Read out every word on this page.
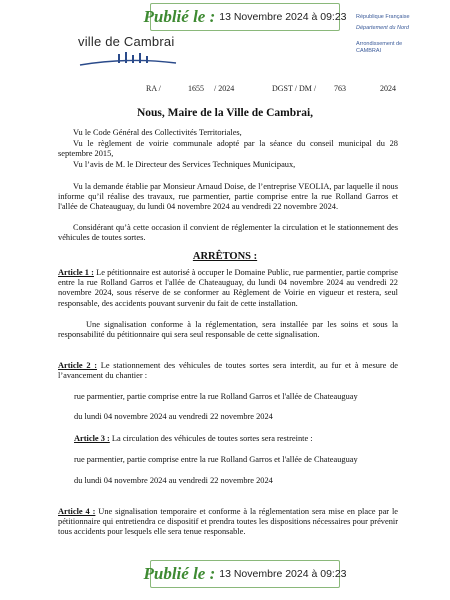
Publié le : 13 Novembre 2024 à 09:23
ville de Cambrai
République Française
Département du Nord
Arrondissement de
CAMBRAI
RA /	1655 / 2024	DGST / DM / 763	2024
Nous, Maire de la Ville de Cambrai,
Vu le Code Général des Collectivités Territoriales,
Vu le règlement de voirie communale adopté par la séance du conseil municipal du 28 septembre 2015,
Vu l’avis de M. le Directeur des Services Techniques Municipaux,
Vu la demande établie par Monsieur Arnaud Doise, de l’entreprise VEOLIA, par laquelle il nous informe qu’il réalise des travaux, rue parmentier, partie comprise entre la rue Rolland Garros et l'allée de Chateauguay, du lundi 04 novembre 2024 au vendredi 22 novembre 2024.
Considérant qu’à cette occasion il convient de réglementer la circulation et le stationnement des véhicules de toutes sortes.
ARRÊTONS :
Article 1 : Le pétitionnaire est autorisé à occuper le Domaine Public, rue parmentier, partie comprise entre la rue Rolland Garros et l'allée de Chateauguay, du lundi 04 novembre 2024 au vendredi 22 novembre 2024, sous réserve de se conformer au Règlement de Voirie en vigueur et restera, seul responsable, des accidents pouvant survenir du fait de cette installation.
Une signalisation conforme à la réglementation, sera installée par les soins et sous la responsabilité du pétitionnaire qui sera seul responsable de cette signalisation.
Article 2 : Le stationnement des véhicules de toutes sortes sera interdit, au fur et à mesure de l’avancement du chantier :
rue parmentier, partie comprise entre la rue Rolland Garros et l'allée de Chateauguay
du lundi 04 novembre 2024 au vendredi 22 novembre 2024
Article 3 : La circulation des véhicules de toutes sortes sera restreinte :
rue parmentier, partie comprise entre la rue Rolland Garros et l'allée de Chateauguay
du lundi 04 novembre 2024 au vendredi 22 novembre 2024
Article 4 : Une signalisation temporaire et conforme à la réglementation sera mise en place par le pétitionnaire qui entretiendra ce dispositif et prendra toutes les dispositions nécessaires pour prévenir tous accidents pour lesquels elle sera tenue responsable.
Publié le : 13 Novembre 2024 à 09:23
